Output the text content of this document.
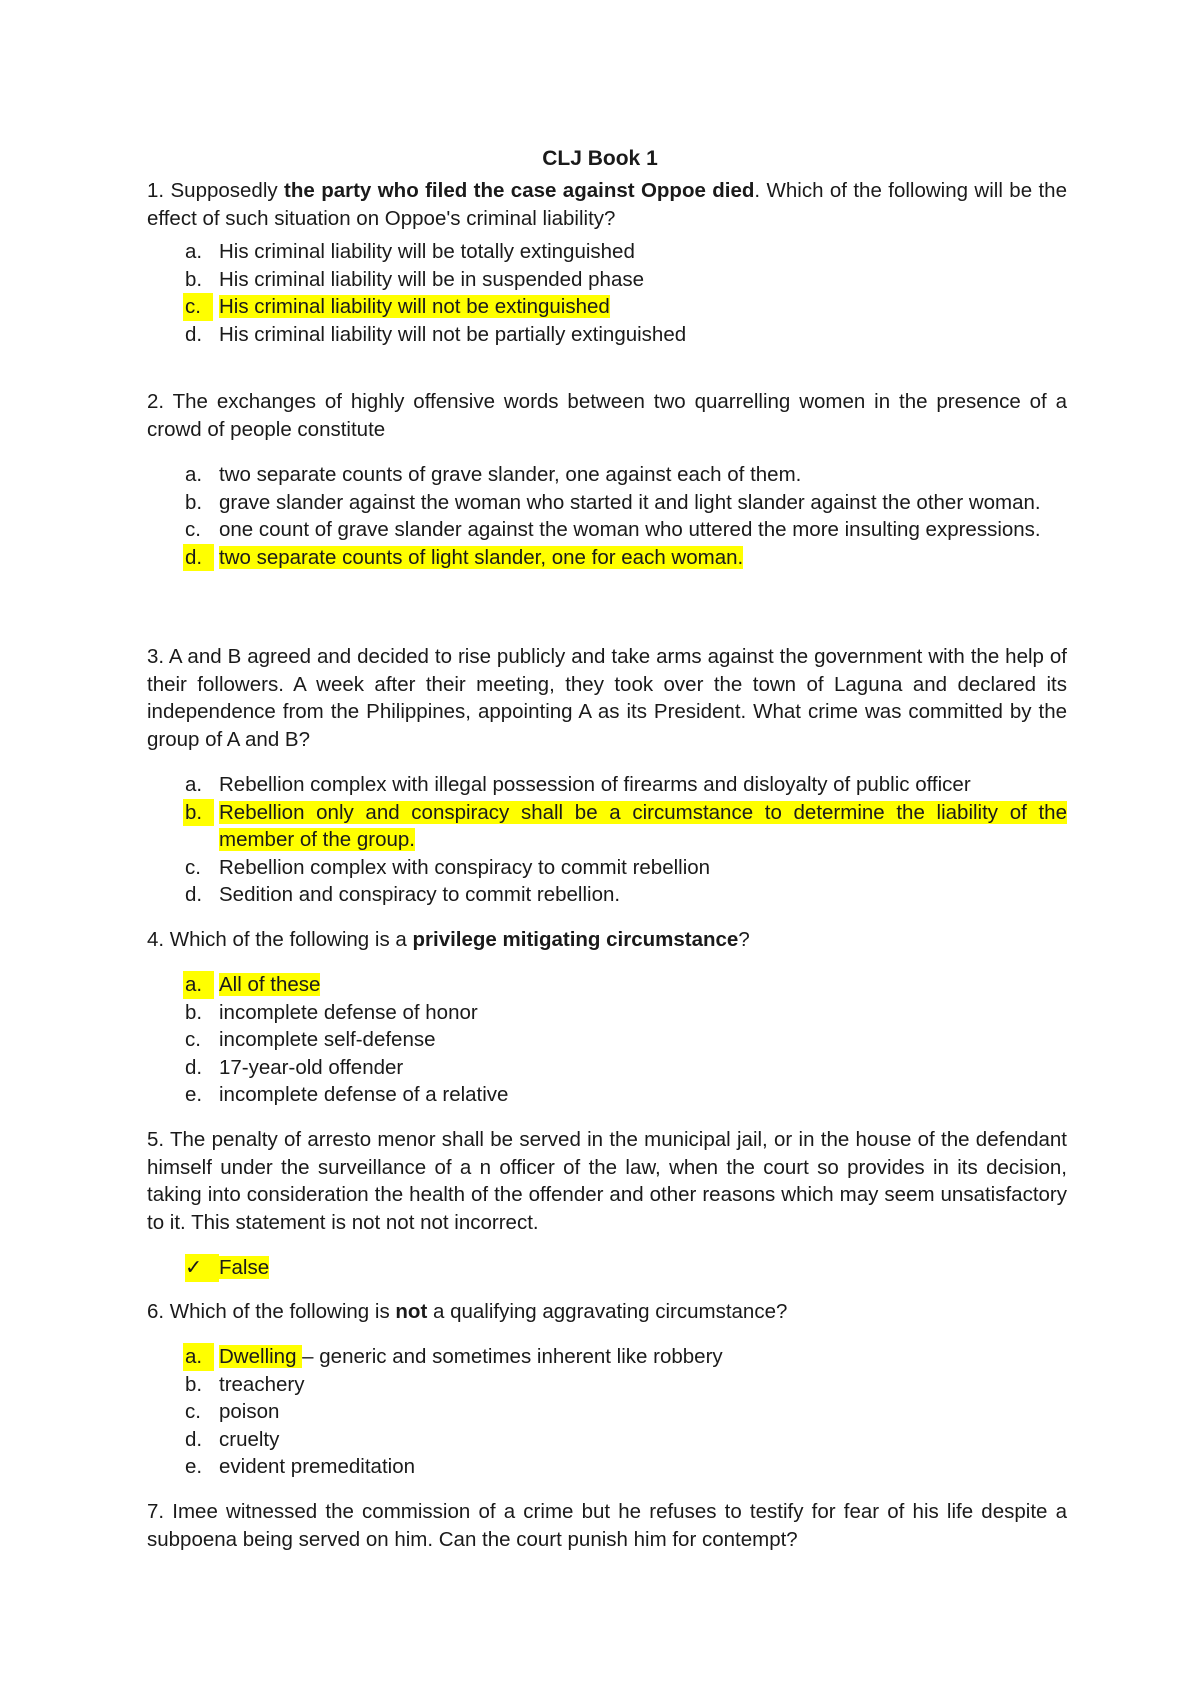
CLJ Book 1

1. Supposedly the party who filed the case against Oppoe died. Which of the following will be the effect of such situation on Oppoe's criminal liability?

a. His criminal liability will be totally extinguished
b. His criminal liability will be in suspended phase
c. His criminal liability will not be extinguished
d. His criminal liability will not be partially extinguished

2. The exchanges of highly offensive words between two quarrelling women in the presence of a crowd of people constitute

a. two separate counts of grave slander, one against each of them.
b. grave slander against the woman who started it and light slander against the other woman.
c. one count of grave slander against the woman who uttered the more insulting expressions.
d. two separate counts of light slander, one for each woman.

3. A and B agreed and decided to rise publicly and take arms against the government with the help of their followers. A week after their meeting, they took over the town of Laguna and declared its independence from the Philippines, appointing A as its President. What crime was committed by the group of A and B?

a. Rebellion complex with illegal possession of firearms and disloyalty of public officer
b. Rebellion only and conspiracy shall be a circumstance to determine the liability of the member of the group.
c. Rebellion complex with conspiracy to commit rebellion
d. Sedition and conspiracy to commit rebellion.

4. Which of the following is a privilege mitigating circumstance?

a. All of these
b. incomplete defense of honor
c. incomplete self-defense
d. 17-year-old offender
e. incomplete defense of a relative

5. The penalty of arresto menor shall be served in the municipal jail, or in the house of the defendant himself under the surveillance of a n officer of the law, when the court so provides in its decision, taking into consideration the health of the offender and other reasons which may seem unsatisfactory to it. This statement is not not not incorrect.

✓ False

6. Which of the following is not a qualifying aggravating circumstance?

a. Dwelling – generic and sometimes inherent like robbery
b. treachery
c. poison
d. cruelty
e. evident premeditation

7. Imee witnessed the commission of a crime but he refuses to testify for fear of his life despite a subpoena being served on him. Can the court punish him for contempt?
